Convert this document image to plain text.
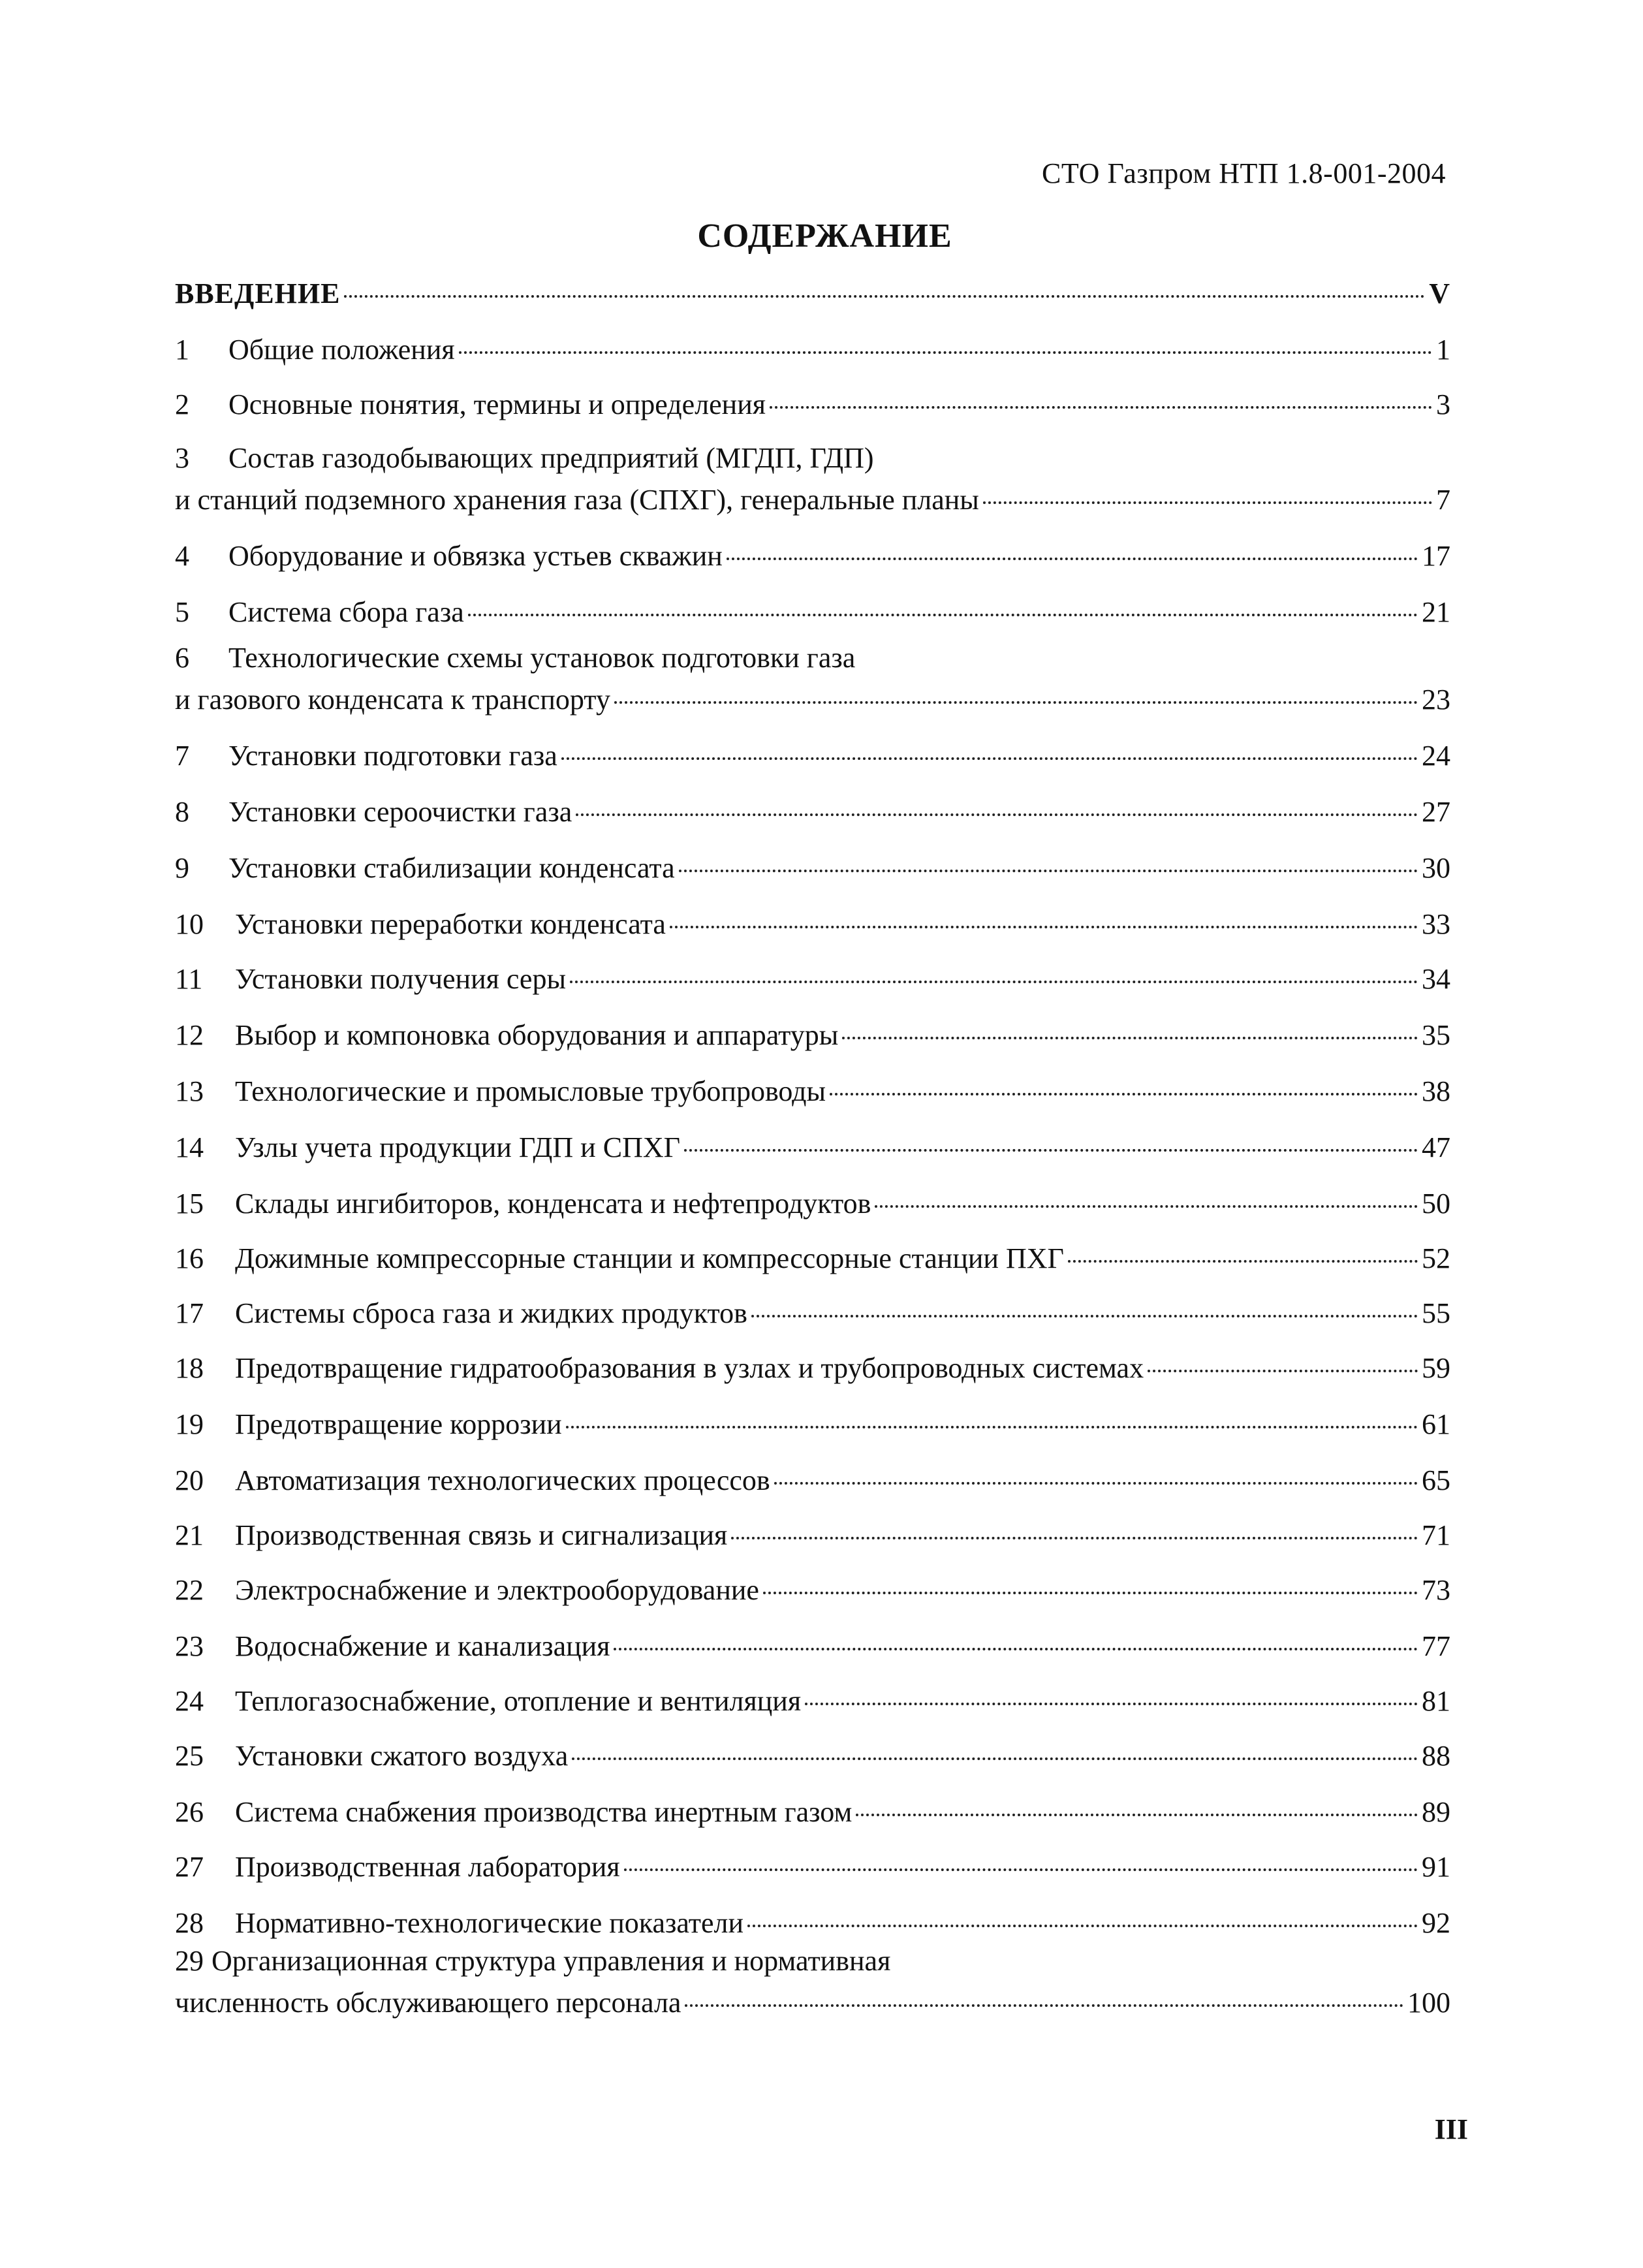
СТО Газпром НТП 1.8-001-2004
СОДЕРЖАНИЕ
ВВЕДЕНИЕ	V
1	Общие положения	1
2	Основные понятия, термины и определения	3
3	Состав газодобывающих предприятий (МГДП, ГДП)
и станций подземного хранения газа (СПХГ), генеральные планы	7
4	Оборудование и обвязка устьев скважин	17
5	Система сбора газа	21
6	Технологические схемы установок подготовки газа
и газового конденсата к транспорту	23
7	Установки подготовки газа	24
8	Установки сероочистки газа	27
9	Установки стабилизации конденсата	30
10	Установки переработки конденсата	33
11	Установки получения серы	34
12	Выбор и компоновка оборудования и аппаратуры	35
13	Технологические и промысловые трубопроводы	38
14	Узлы учета продукции ГДП и СПХГ	47
15	Склады ингибиторов, конденсата и нефтепродуктов	50
16	Дожимные компрессорные станции и компрессорные станции ПХГ	52
17	Системы сброса газа и жидких продуктов	55
18	Предотвращение гидратообразования в узлах и трубопроводных системах	59
19	Предотвращение коррозии	61
20	Автоматизация технологических процессов	65
21	Производственная связь и сигнализация	71
22	Электроснабжение и электрооборудование	73
23	Водоснабжение и канализация	77
24	Теплогазоснабжение, отопление и вентиляция	81
25	Установки сжатого воздуха	88
26	Система снабжения производства инертным газом	89
27	Производственная лаборатория	91
28	Нормативно-технологические показатели	92
29 Организационная структура управления и нормативная
численность обслуживающего персонала	100
III
